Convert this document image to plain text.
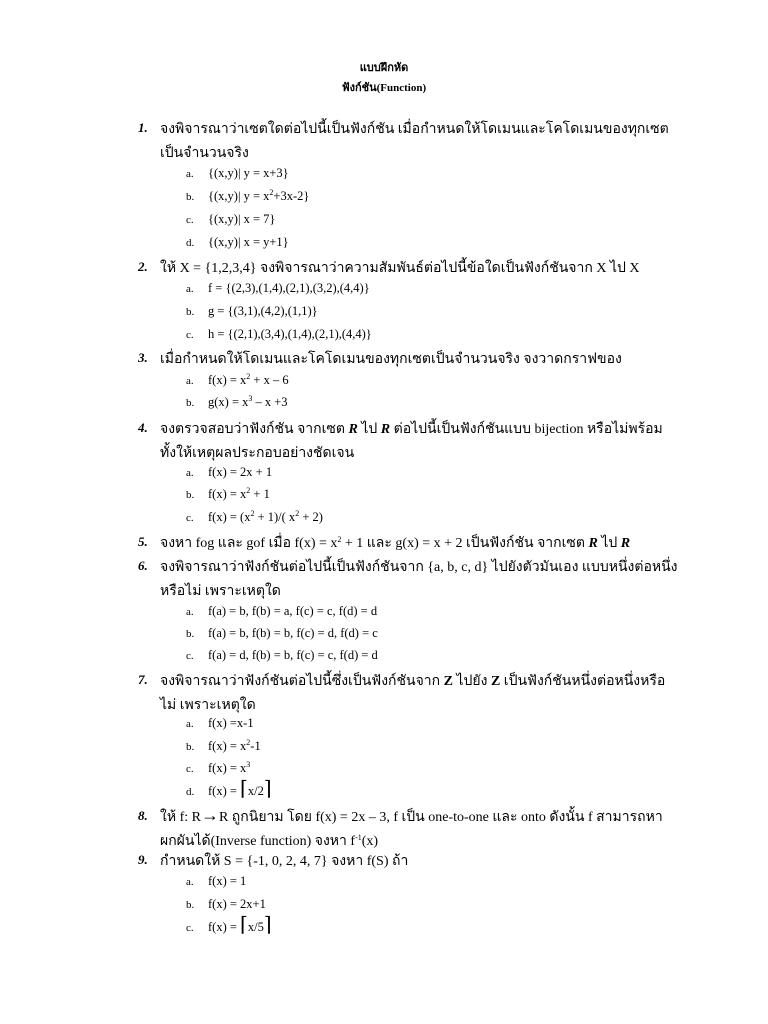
แบบฝึกหัด
ฟังก์ชัน(Function)
1. จงพิจารณาว่าเซตใดต่อไปนี้เป็นฟังก์ชัน เมื่อกำหนดให้โดเมนและโคโดเมนของทุกเซต
เป็นจำนวนจริง
a. {(x,y)| y = x+3}
b. {(x,y)| $y = x^2+3x-2$}
c. {(x,y)| x = 7}
d. {(x,y)| x = y+1}
2. ให้ X = {1,2,3,4} จงพิจารณาว่าความสัมพันธ์ต่อไปนี้ข้อใดเป็นฟังก์ชันจาก X ไป X
a. f = {(2,3),(1,4),(2,1),(3,2),(4,4)}
b. g = {(3,1),(4,2),(1,1)}
c. h = {(2,1),(3,4),(1,4),(2,1),(4,4)}
3. เมื่อกำหนดให้โดเมนและโคโดเมนของทุกเซตเป็นจำนวนจริง จงวาดกราฟของ
a. $f(x) = x^2 + x - 6$
b. $g(x) = x^3 - x +3$
4. จงตรวจสอบว่าฟังก์ชัน จากเซต R ไป R ต่อไปนี้เป็นฟังก์ชันแบบ bijection หรือไม่พร้อม
ทั้งให้เหตุผลประกอบอย่างชัดเจน
a. f(x) = 2x + 1
b. $f(x) = x^2 + 1$
c. $f(x) = (x^2 + 1)/$( $x^2 + 2$)
5. จงหา fog และ gof เมื่อ $f(x) = x^2 + 1$ และ g(x) = x + 2 เป็นฟังก์ชัน จากเซต R ไป R
6. จงพิจารณาว่าฟังก์ชันต่อไปนี้เป็นฟังก์ชันจาก {a, b, c, d} ไปยังตัวมันเอง แบบหนึ่งต่อหนึ่ง
หรือไม่ เพราะเหตุใด
a. f(a) = b, f(b) = a, f(c) = c, f(d) = d
b. f(a) = b, f(b) = b, f(c) = d, f(d) = c
c. f(a) = d, f(b) = b, f(c) = c, f(d) = d
7. จงพิจารณาว่าฟังก์ชันต่อไปนี้ซึ่งเป็นฟังก์ชันจาก Z ไปยัง Z เป็นฟังก์ชันหนึ่งต่อหนึ่งหรือ
ไม่ เพราะเหตุใด
a. f(x) =x-1
b. $f(x) = x^2-1$
c. $f(x) = x^3$
d. f(x) = ⌈x/2⌉
8. ให้ f: R→R ถูกนิยาม โดย f(x) = 2x – 3, f เป็น one-to-one และ onto ดังนั้น f สามารถหา
ผกผันได้(Inverse function) จงหา $f^{-1}(x)$
9. กำหนดให้ S = {-1, 0, 2, 4, 7} จงหา f(S) ถ้า
a. f(x) = 1
b. f(x) = 2x+1
c. f(x) = ⌈x/5⌉
